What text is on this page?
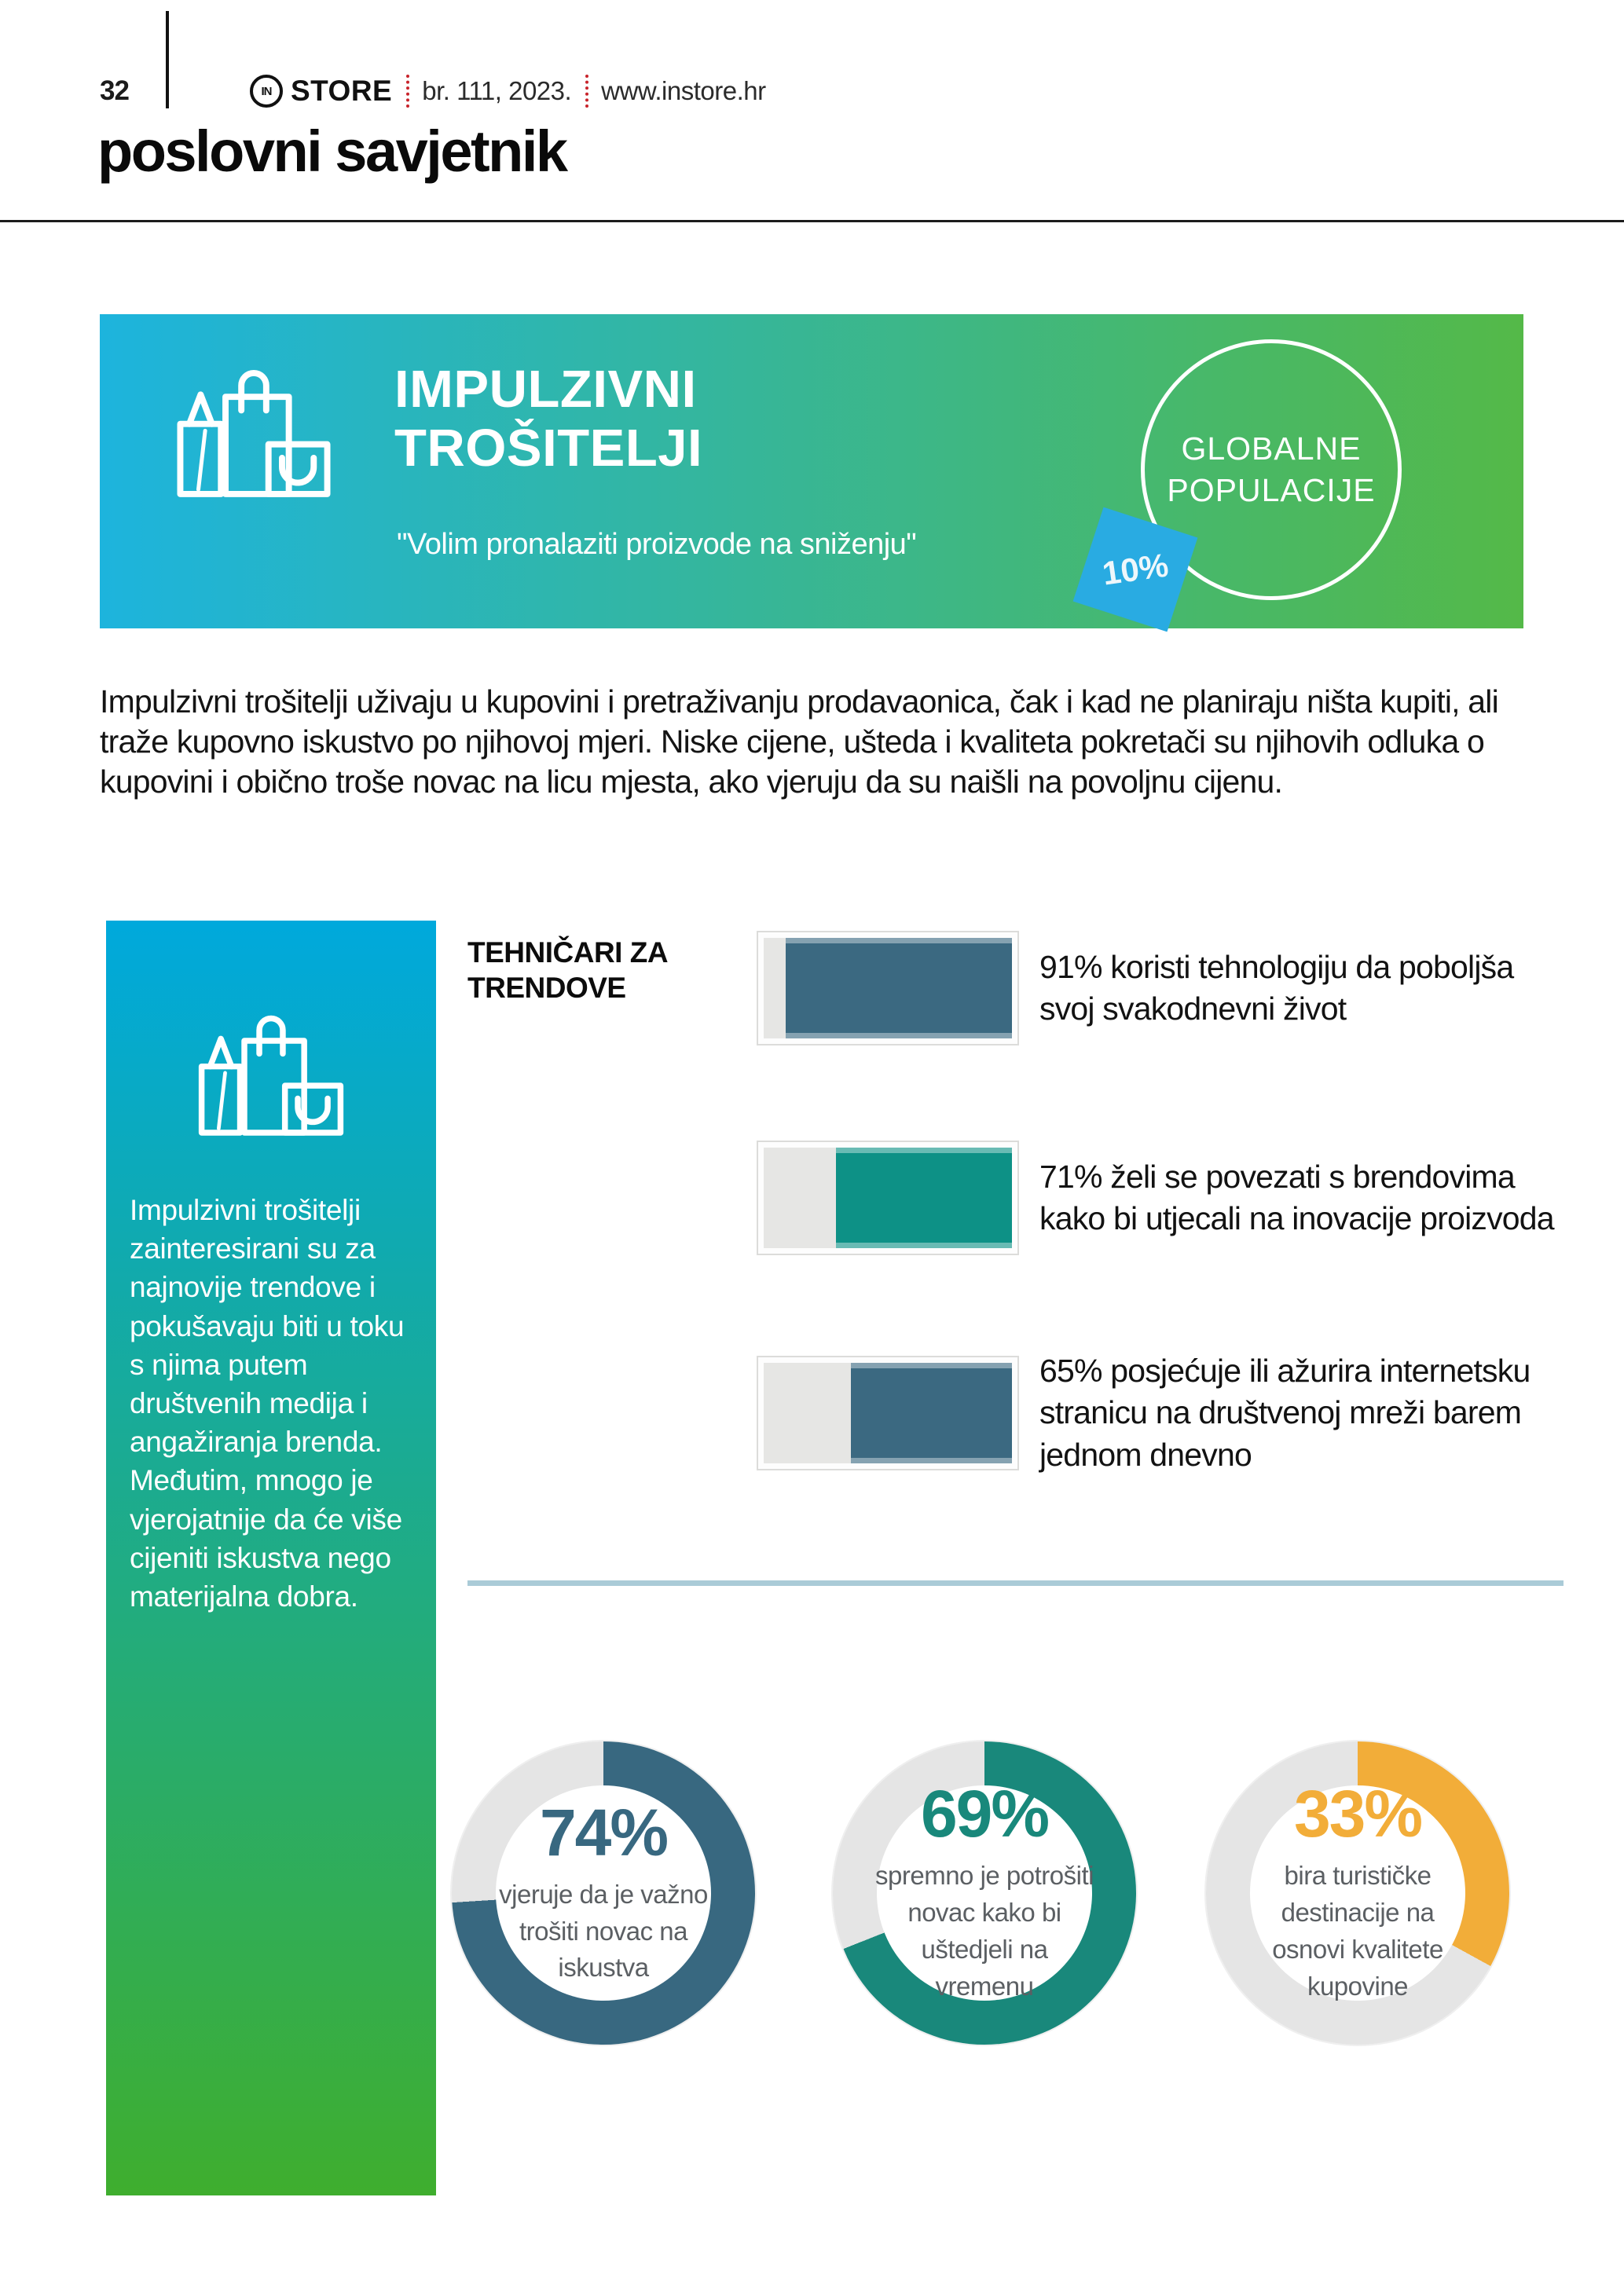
32	IN STORE br. 111, 2023. www.instore.hr
poslovni savjetnik
IMPULZIVNI
TROŠITELJI
"Volim pronalaziti proizvode na sniženju"
GLOBALNE
POPULACIJE
10%
Impulzivni trošitelji uživaju u kupovini i pretraživanju prodavaonica, čak i kad ne planiraju ništa kupiti, ali traže kupovno iskustvo po njihovoj mjeri. Niske cijene, ušteda i kvaliteta pokretači su njihovih odluka o kupovini i obično troše novac na licu mjesta, ako vjeruju da su naišli na povoljnu cijenu.
Impulzivni trošitelji zainteresirani su za najnovije trendove i pokušavaju biti u toku s njima putem društvenih medija i angažiranja brenda. Međutim, mnogo je vjerojatnije da će više cijeniti iskustva nego materijalna dobra.
TEHNIČARI ZA
TRENDOVE
91% koristi tehnologiju da poboljša svoj svakodnevni život
71% želi se povezati s brendovima kako bi utjecali na inovacije proizvoda
65% posjećuje ili ažurira internetsku stranicu na društvenoj mreži barem jednom dnevno
74%
vjeruje da je važno trošiti novac na iskustva
69%
spremno je potrošiti novac kako bi uštedjeli na vremenu
33%
bira turističke destinacije na osnovi kvalitete kupovine
